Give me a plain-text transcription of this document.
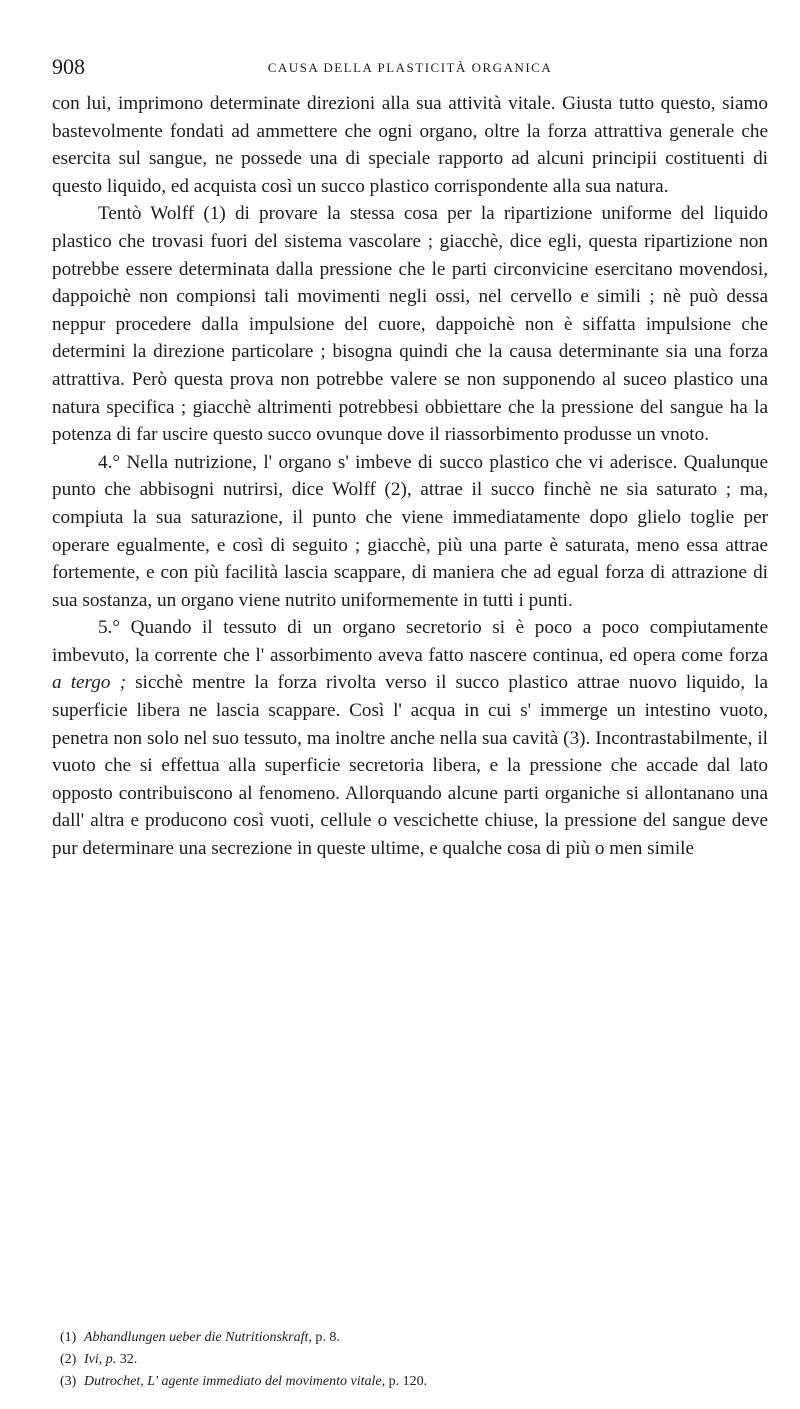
908	CAUSA DELLA PLASTICITÀ ORGANICA

con lui, imprimono determinate direzioni alla sua attività vitale. Giusta tutto questo, siamo bastevolmente fondati ad ammettere che ogni organo, oltre la forza attrattiva generale che esercita sul sangue, ne possede una di speciale rapporto ad alcuni principii costituenti di questo liquido, ed acquista così un succo plastico corrispondente alla sua natura.

Tentò Wolff (1) di provare la stessa cosa per la ripartizione uniforme del liquido plastico che trovasi fuori del sistema vascolare ; giacchè, dice egli, questa ripartizione non potrebbe essere determinata dalla pressione che le parti circonvicine esercitano movendosi, dappoichè non compionsi tali movimenti negli ossi, nel cervello e simili ; nè può dessa neppur procedere dalla impulsione del cuore, dappoichè non è siffatta impulsione che determini la direzione particolare ; bisogna quindi che la causa determinante sia una forza attrattiva. Però questa prova non potrebbe valere se non supponendo al suceo plastico una natura specifica ; giacchè altrimenti potrebbesi obbiettare che la pressione del sangue ha la potenza di far uscire questo succo ovunque dove il riassorbimento produsse un vnoto.

4.° Nella nutrizione, l' organo s' imbeve di succo plastico che vi aderisce. Qualunque punto che abbisogni nutrirsi, dice Wolff (2), attrae il succo finchè ne sia saturato ; ma, compiuta la sua saturazione, il punto che viene immediatamente dopo glielo toglie per operare egualmente, e così di seguito ; giacchè, più una parte è saturata, meno essa attrae fortemente, e con più facilità lascia scappare, di maniera che ad egual forza di attrazione di sua sostanza, un organo viene nutrito uniformemente in tutti i punti.

5.° Quando il tessuto di un organo secretorio si è poco a poco compiutamente imbevuto, la corrente che l' assorbimento aveva fatto nascere continua, ed opera come forza a tergo ; sicchè mentre la forza rivolta verso il succo plastico attrae nuovo liquido, la superficie libera ne lascia scappare. Così l' acqua in cui s' immerge un intestino vuoto, penetra non solo nel suo tessuto, ma inoltre anche nella sua cavità (3). Incontrastabilmente, il vuoto che si effettua alla superficie secretoria libera, e la pressione che accade dal lato opposto contribuiscono al fenomeno. Allorquando alcune parti organiche si allontanano una dall' altra e producono così vuoti, cellule o vescichette chiuse, la pressione del sangue deve pur determinare una secrezione in queste ultime, e qualche cosa di più o men simile

(1) Abhandlungen ueber die Nutritionskraft, p. 8.
(2) Ivi, p. 32.
(3) Dutrochet, L' agente immediato del movimento vitale, p. 120.
